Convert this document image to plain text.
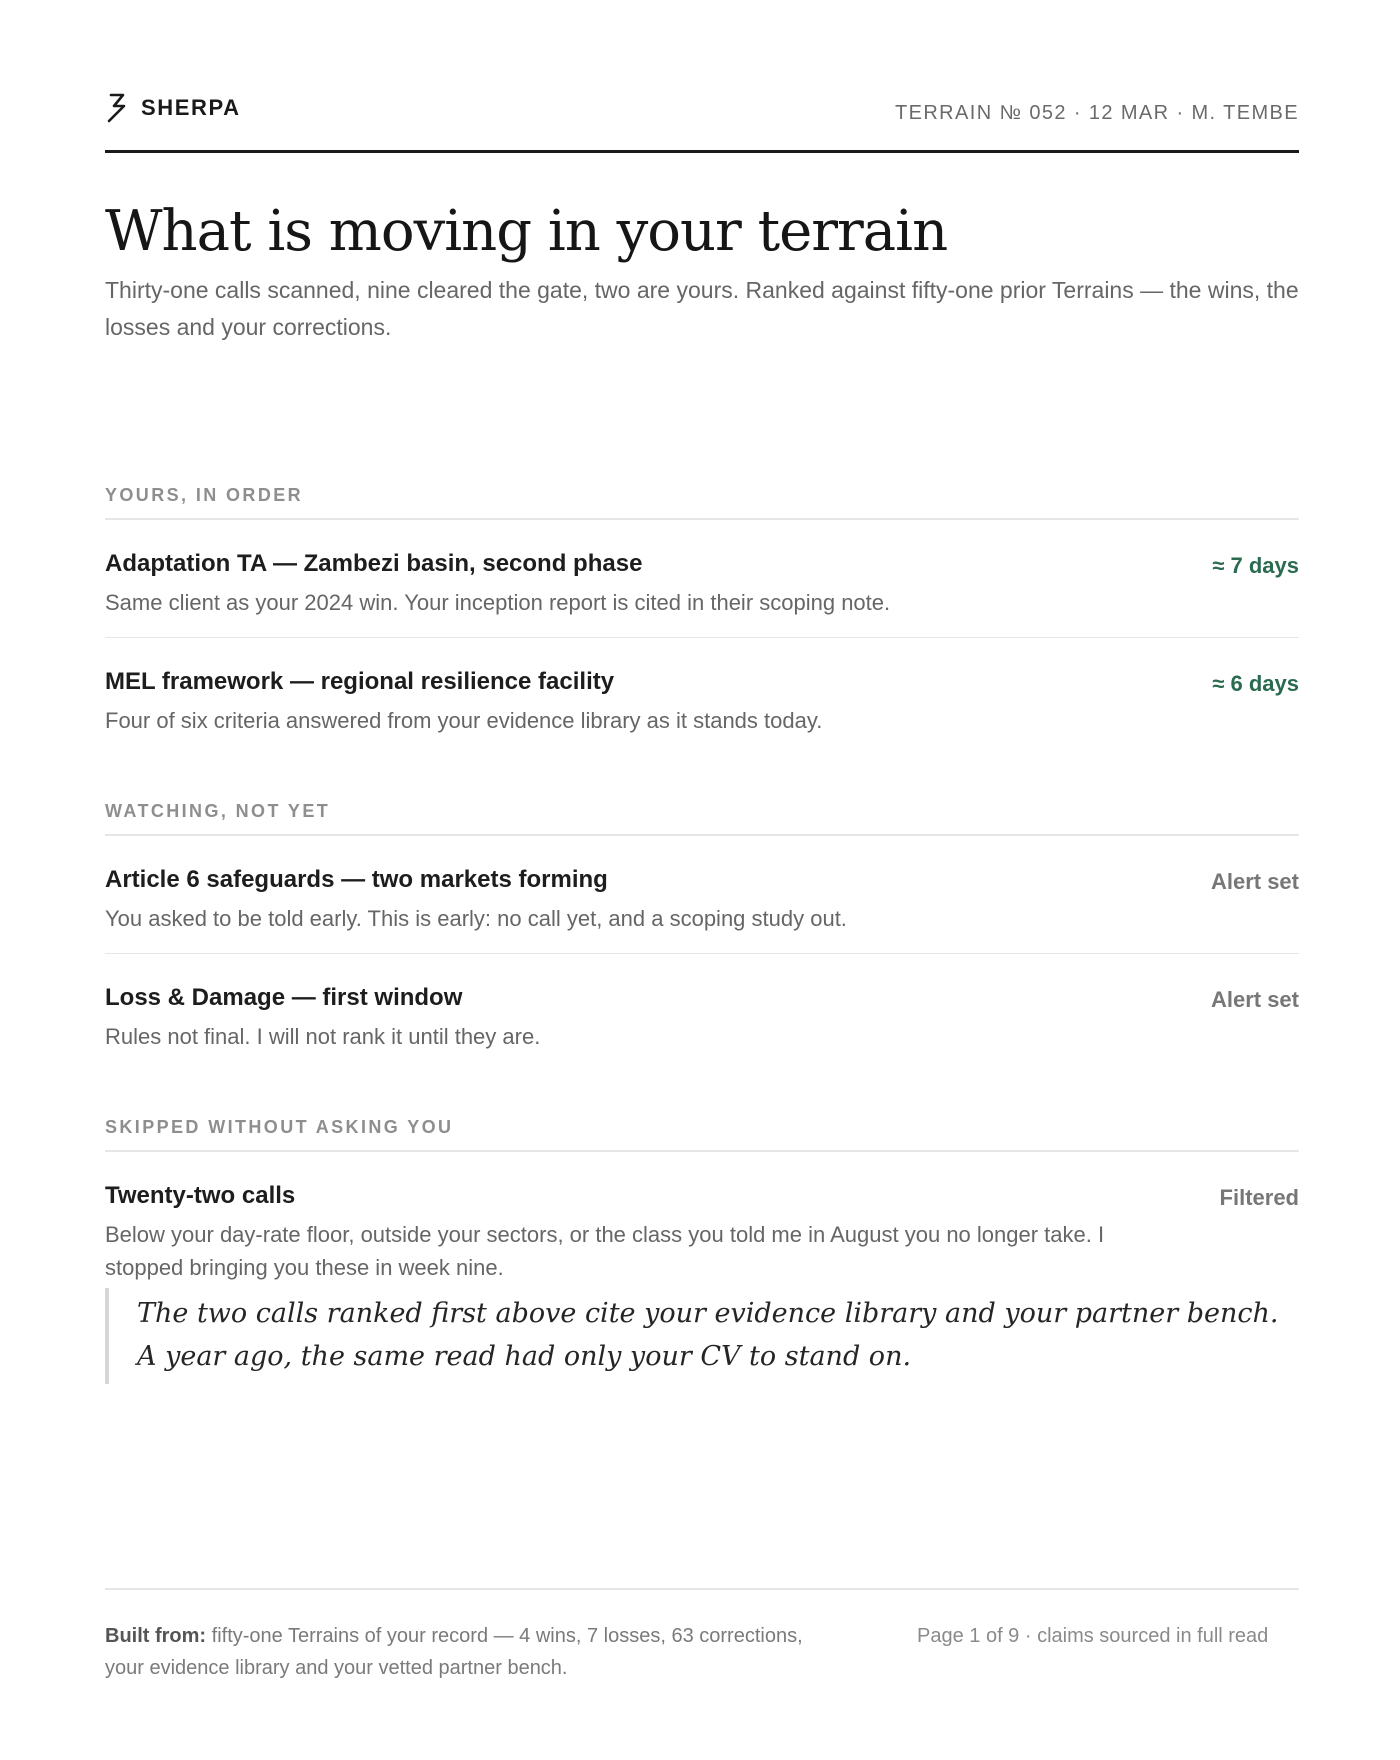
SHERPA	TERRAIN № 052 · 12 MAR · M. TEMBE
What is moving in your terrain

Thirty-one calls scanned, nine cleared the gate, two are yours. Ranked against fifty-one prior Terrains — the wins, the losses and your corrections.

YOURS, IN ORDER
Adaptation TA — Zambezi basin, second phase
Same client as your 2024 win. Your inception report is cited in their scoping note.
≈ 7 days
MEL framework — regional resilience facility
Four of six criteria answered from your evidence library as it stands today.
≈ 6 days
WATCHING, NOT YET
Article 6 safeguards — two markets forming
You asked to be told early. This is early: no call yet, and a scoping study out.
Alert set
Loss & Damage — first window
Rules not final. I will not rank it until they are.
Alert set
SKIPPED WITHOUT ASKING YOU
Twenty-two calls
Below your day-rate floor, outside your sectors, or the class you told me in August you no longer take. I stopped bringing you these in week nine.
Filtered
The two calls ranked first above cite your evidence library and your partner bench. A year ago, the same read had only your CV to stand on.
Built from: fifty-one Terrains of your record — 4 wins, 7 losses, 63 corrections, your evidence library and your vetted partner bench.
Page 1 of 9 · claims sourced in full read
